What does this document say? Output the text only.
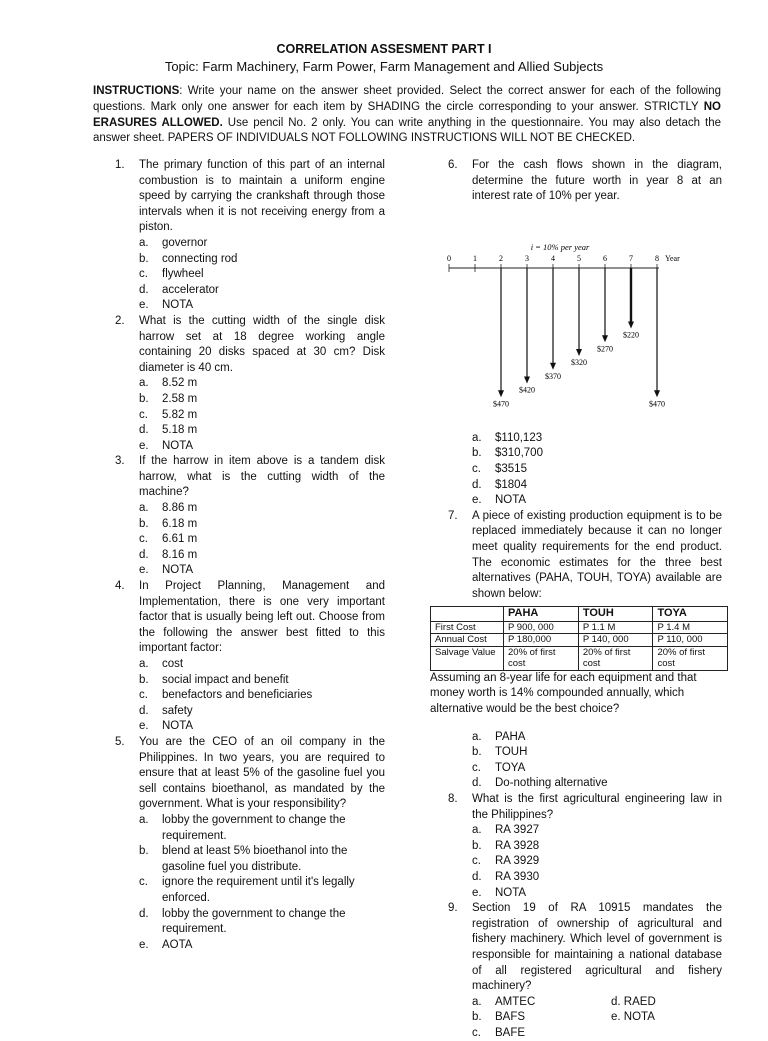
CORRELATION ASSESMENT PART I
Topic: Farm Machinery, Farm Power, Farm Management and Allied Subjects
INSTRUCTIONS: Write your name on the answer sheet provided. Select the correct answer for each of the following questions. Mark only one answer for each item by SHADING the circle corresponding to your answer. STRICTLY NO ERASURES ALLOWED. Use pencil No. 2 only. You can write anything in the questionnaire. You may also detach the answer sheet. PAPERS OF INDIVIDUALS NOT FOLLOWING INSTRUCTIONS WILL NOT BE CHECKED.
1. The primary function of this part of an internal combustion is to maintain a uniform engine speed by carrying the crankshaft through those intervals when it is not receiving energy from a piston.
a. governor
b. connecting rod
c. flywheel
d. accelerator
e. NOTA
2. What is the cutting width of the single disk harrow set at 18 degree working angle containing 20 disks spaced at 30 cm? Disk diameter is 40 cm.
a. 8.52 m
b. 2.58 m
c. 5.82 m
d. 5.18 m
e. NOTA
3. If the harrow in item above is a tandem disk harrow, what is the cutting width of the machine?
a. 8.86 m
b. 6.18 m
c. 6.61 m
d. 8.16 m
e. NOTA
4. In Project Planning, Management and Implementation, there is one very important factor that is usually being left out. Choose from the following the answer best fitted to this important factor:
a. cost
b. social impact and benefit
c. benefactors and beneficiaries
d. safety
e. NOTA
5. You are the CEO of an oil company in the Philippines. In two years, you are required to ensure that at least 5% of the gasoline fuel you sell contains bioethanol, as mandated by the government. What is your responsibility?
a. lobby the government to change the requirement.
b. blend at least 5% bioethanol into the gasoline fuel you distribute.
c. ignore the requirement until it's legally enforced.
d. lobby the government to change the requirement.
e. AOTA
6. For the cash flows shown in the diagram, determine the future worth in year 8 at an interest rate of 10% per year.
i = 10% per year
0	1	2	3	4	5	6	7	8 Year
$470
$420
$370
$320
$270
$220
$470
a. $110,123
b. $310,700
c. $3515
d. $1804
e. NOTA
7. A piece of existing production equipment is to be replaced immediately because it can no longer meet quality requirements for the end product. The economic estimates for the three best alternatives (PAHA, TOUH, TOYA) available are shown below:
	PAHA	TOUH	TOYA
First Cost	P 900, 000	P 1.1 M	P 1.4 M
Annual Cost	P 180,000	P 140, 000	P 110, 000
Salvage Value	20% of first cost	20% of first cost	20% of first cost
Assuming an 8-year life for each equipment and that money worth is 14% compounded annually, which alternative would be the best choice?
a. PAHA
b. TOUH
c. TOYA
d. Do-nothing alternative
8. What is the first agricultural engineering law in the Philippines?
a. RA 3927
b. RA 3928
c. RA 3929
d. RA 3930
e. NOTA
9. Section 19 of RA 10915 mandates the registration of ownership of agricultural and fishery machinery. Which level of government is responsible for maintaining a national database of all registered agricultural and fishery machinery?
a. AMTEC	d. RAED
b. BAFS	e. NOTA
c. BAFE
